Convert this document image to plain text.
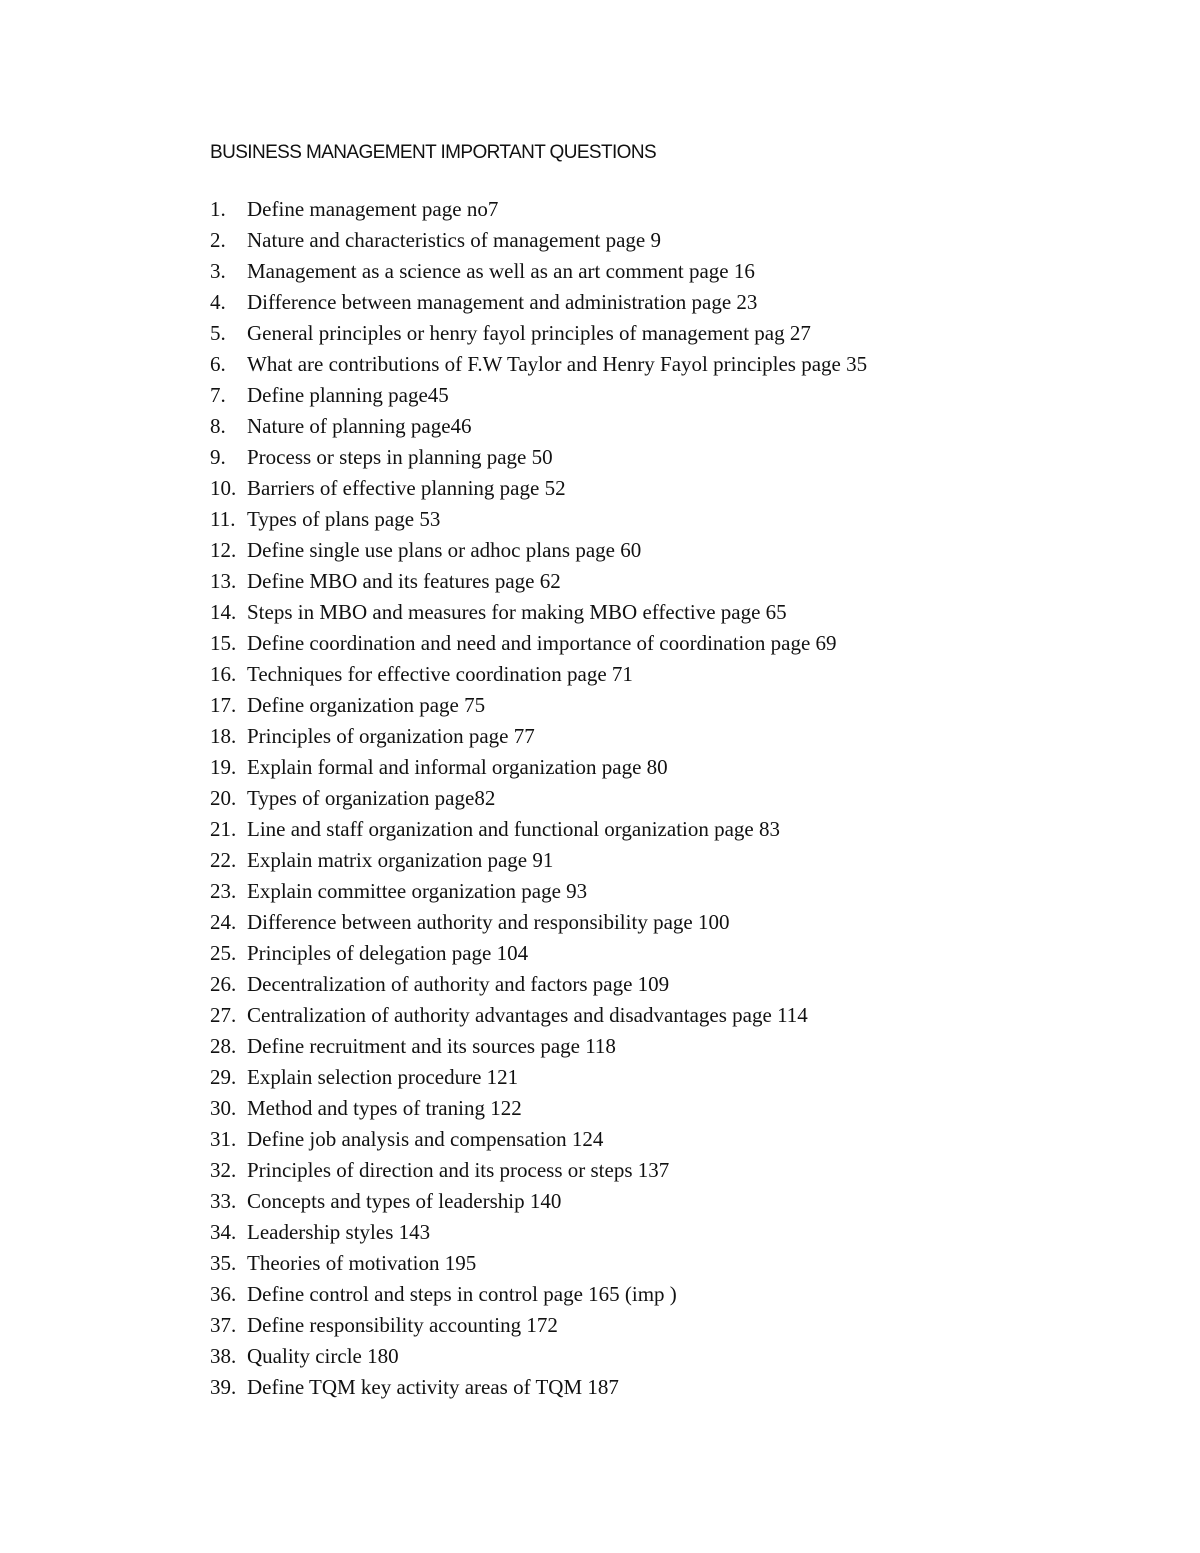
BUSINESS MANAGEMENT IMPORTANT QUESTIONS
1.	Define management page no7
2.	Nature and characteristics of management page 9
3.	Management as a science as well as an art comment page 16
4.	Difference between management and administration page 23
5.	General principles or henry fayol principles of management pag 27
6.	What are contributions of F.W Taylor and Henry Fayol principles page 35
7.	Define planning page45
8.	Nature of planning page46
9.	Process or steps in planning page 50
10. Barriers of effective planning page 52
11. Types of plans page 53
12. Define single use plans or adhoc plans page 60
13. Define MBO and its features page 62
14. Steps in MBO and measures for making MBO effective page 65
15. Define coordination and need and importance of coordination page 69
16. Techniques for effective coordination page 71
17. Define organization page 75
18. Principles of organization page 77
19. Explain formal and informal organization page 80
20. Types of organization page82
21. Line and staff organization and functional organization page 83
22. Explain matrix organization page 91
23. Explain committee organization page 93
24. Difference between authority and responsibility page 100
25. Principles of delegation page 104
26. Decentralization of authority and factors page 109
27. Centralization of authority advantages and disadvantages page 114
28. Define recruitment and its sources page 118
29. Explain selection procedure 121
30. Method and types of traning 122
31. Define job analysis and compensation 124
32. Principles of direction and its process or steps 137
33. Concepts and types of leadership 140
34. Leadership styles 143
35. Theories of motivation 195
36. Define control and steps in control page 165 (imp )
37. Define responsibility accounting 172
38. Quality circle 180
39. Define TQM key activity areas of TQM 187
